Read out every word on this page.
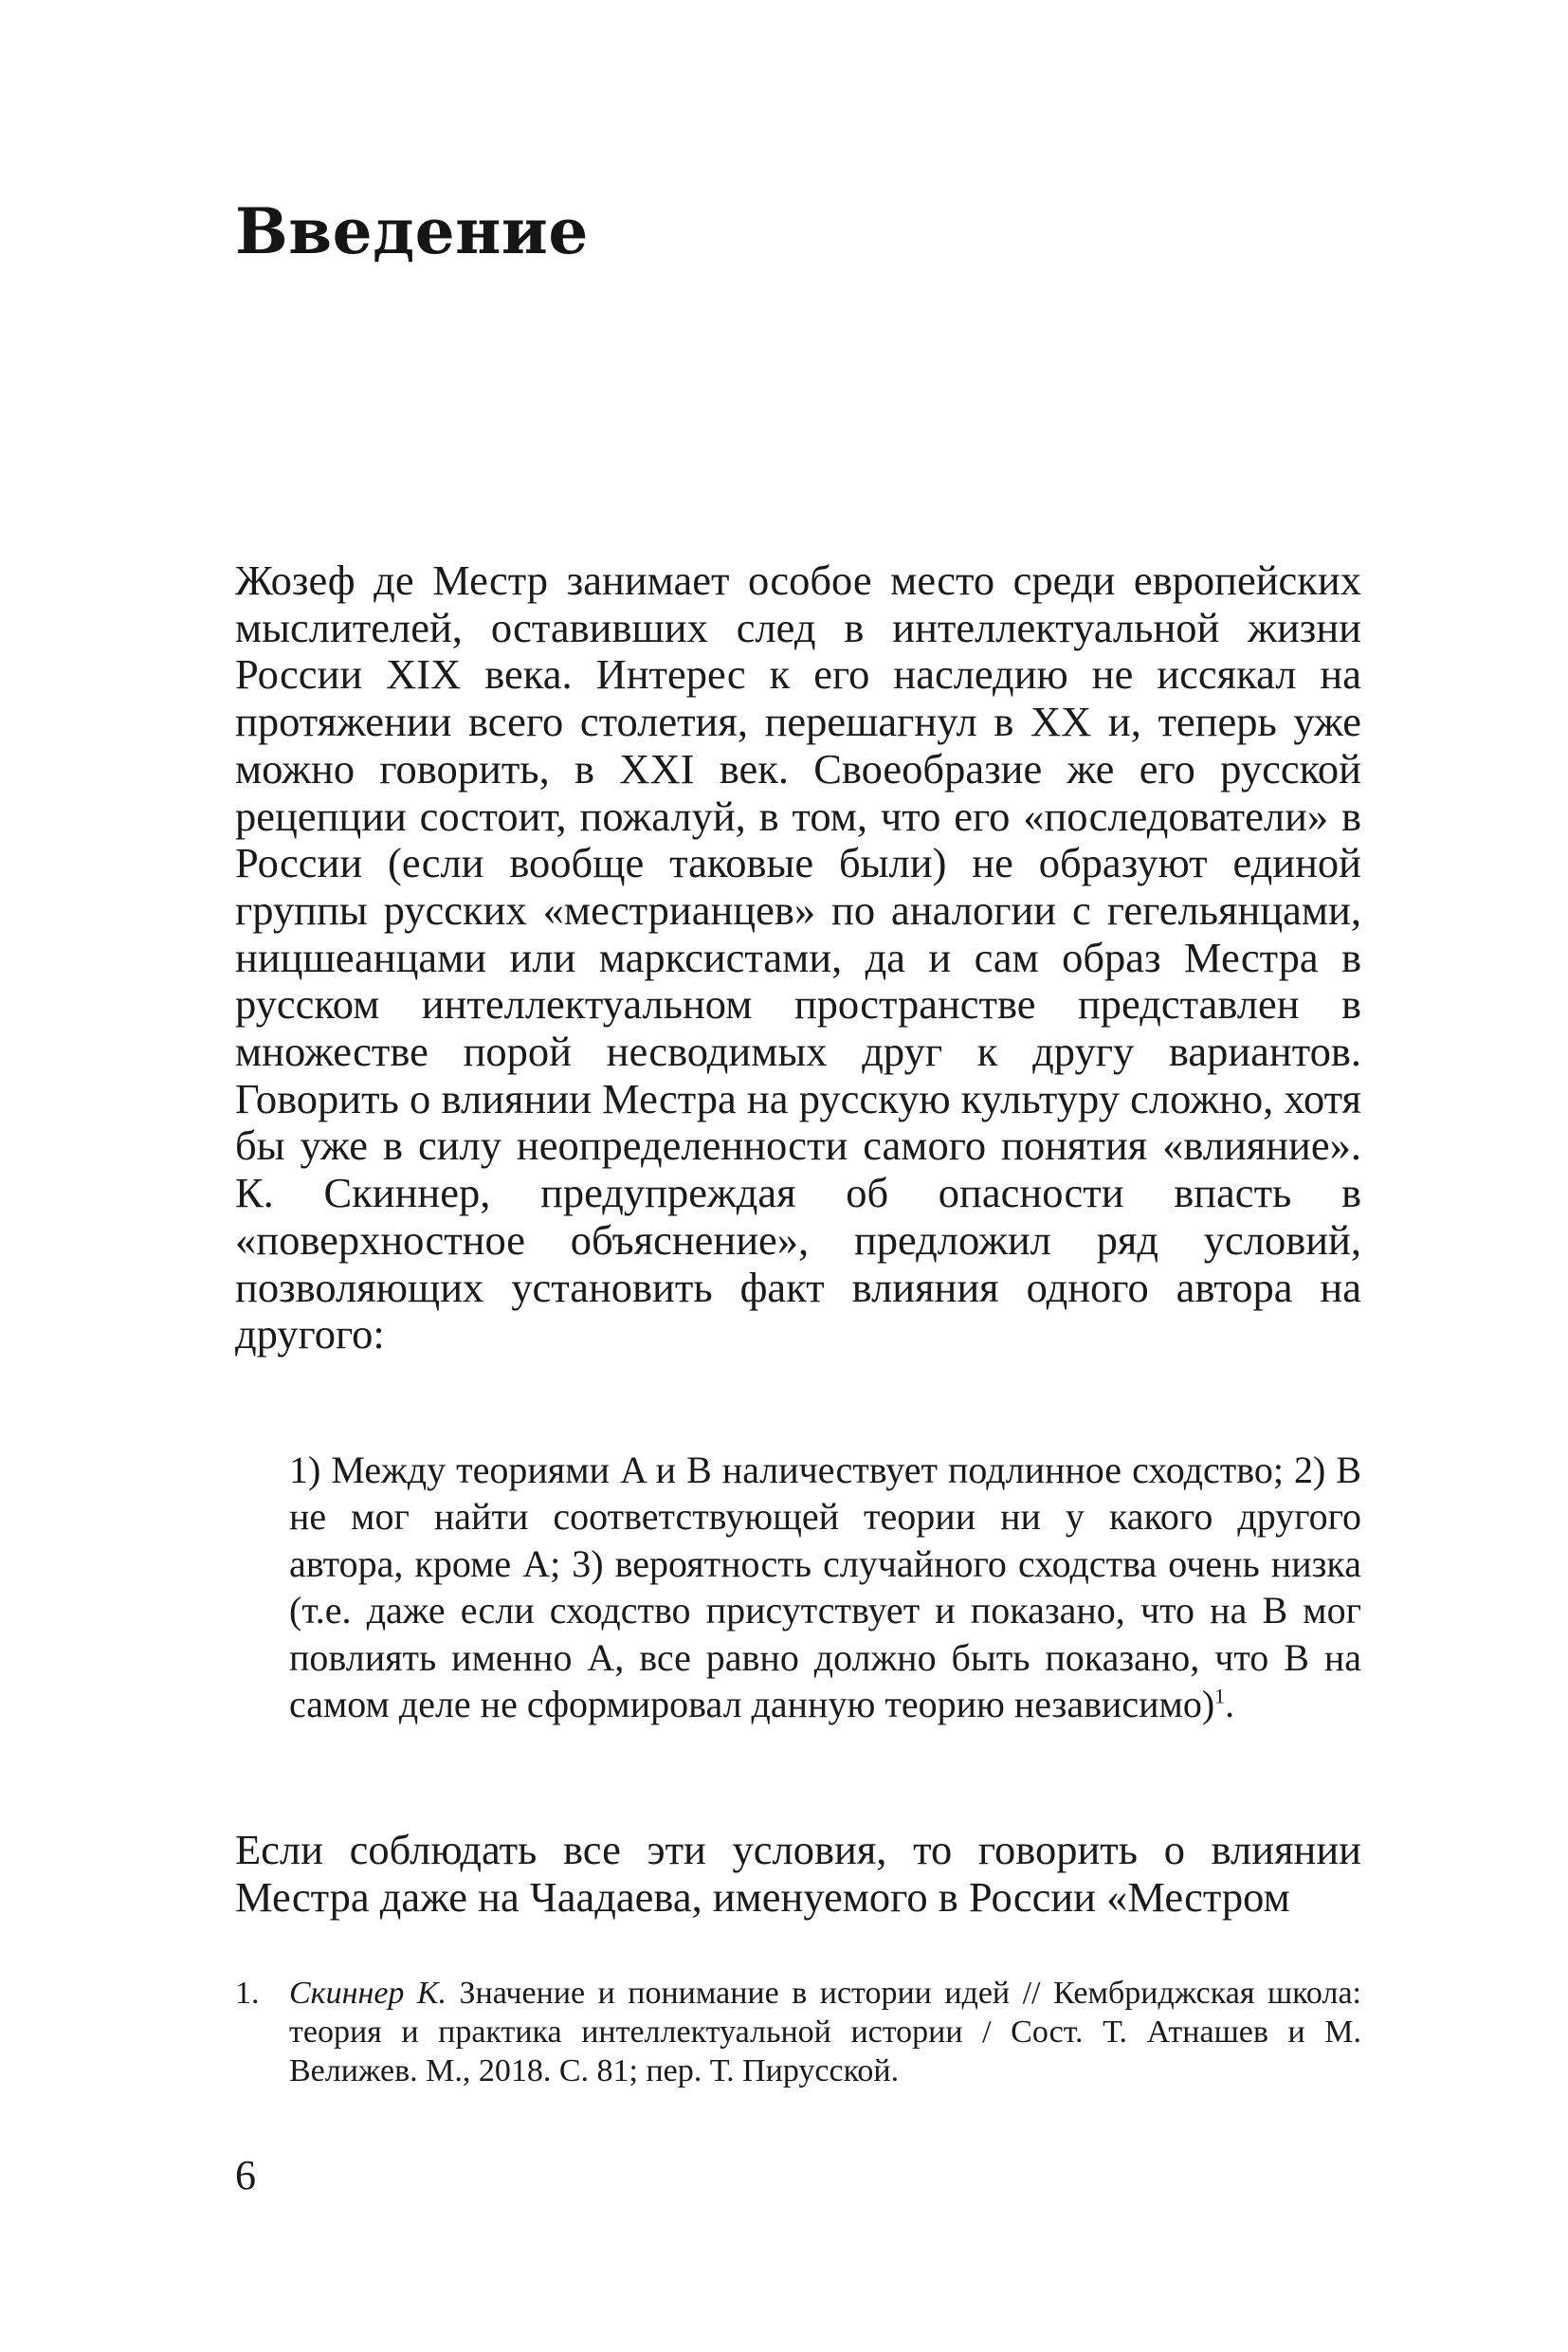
Введение

Жозеф де Местр занимает особое место среди европейских мыслителей, оставивших след в интеллектуальной жизни России XIX века. Интерес к его наследию не иссякал на протяжении всего столетия, перешагнул в XX и, теперь уже можно говорить, в XXI век. Своеобразие же его русской рецепции состоит, пожалуй, в том, что его «последователи» в России (если вообще таковые были) не образуют единой группы русских «местрианцев» по аналогии с гегельянцами, ницшеанцами или марксистами, да и сам образ Местра в русском интеллектуальном пространстве представлен в множестве порой несводимых друг к другу вариантов. Говорить о влиянии Местра на русскую культуру сложно, хотя бы уже в силу неопределенности самого понятия «влияние». К. Скиннер, предупреждая об опасности впасть в «поверхностное объяснение», предложил ряд условий, позволяющих установить факт влияния одного автора на другого:

1) Между теориями A и B наличествует подлинное сходство; 2) B не мог найти соответствующей теории ни у какого другого автора, кроме A; 3) вероятность случайного сходства очень низка (т.е. даже если сходство присутствует и показано, что на B мог повлиять именно A, все равно должно быть показано, что B на самом деле не сформировал данную теорию независимо)$^1$.

Если соблюдать все эти условия, то говорить о влиянии Местра даже на Чаадаева, именуемого в России «Местром

1. Скиннер К. Значение и понимание в истории идей // Кембриджская школа: теория и практика интеллектуальной истории / Сост. Т. Атнашев и М. Велижев. М., 2018. С. 81; пер. Т. Пирусской.

6
